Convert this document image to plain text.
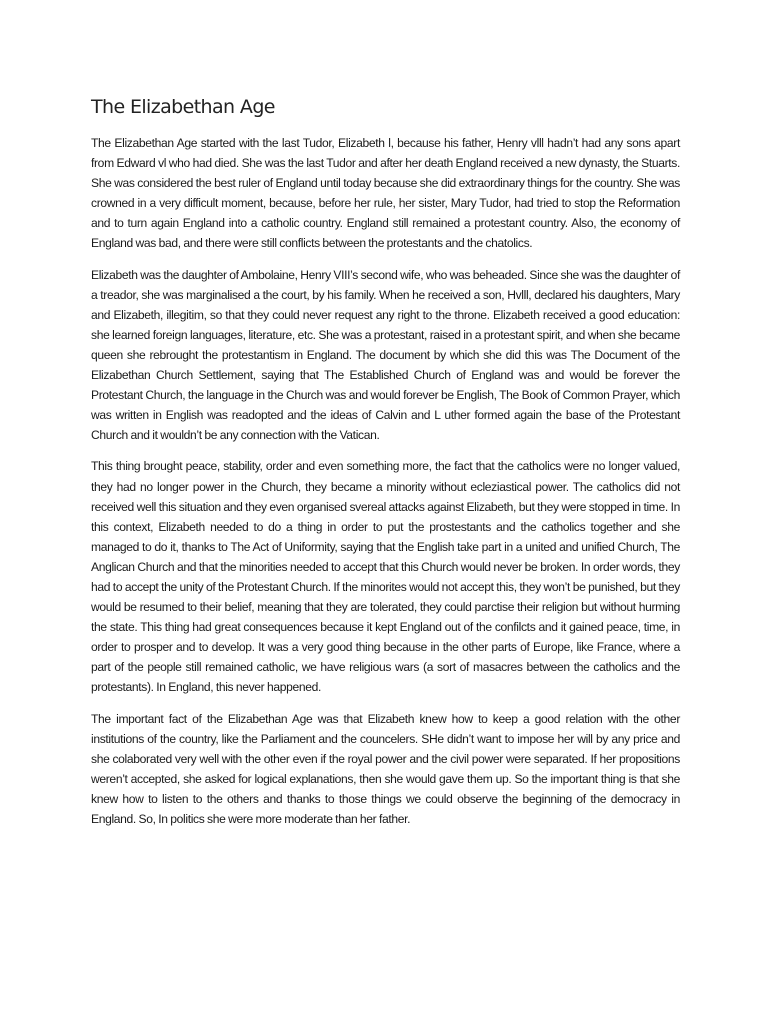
The Elizabethan Age

The Elizabethan Age started with the last Tudor, Elizabeth l, because his father, Henry vlll hadn’t had any sons apart from Edward vl who had died. She was the last Tudor and after her death England received a new dynasty, the Stuarts. She was considered the best ruler of England until today because she did extraordinary things for the country. She was crowned in a very difficult moment, because, before her rule, her sister, Mary Tudor, had tried to stop the Reformation and to turn again England into a catholic country. England still remained a protestant country. Also, the economy of England was bad, and there were still conflicts between the protestants and the chatolics.

Elizabeth was the daughter of Ambolaine, Henry VIII’s second wife, who was beheaded. Since she was the daughter of a treador, she was marginalised a the court, by his family. When he received a son, Hvlll, declared his daughters, Mary and Elizabeth, illegitim, so that they could never request any right to the throne. Elizabeth received a good education: she learned foreign languages, literature, etc. She was a protestant, raised in a protestant spirit, and when she became queen she rebrought the protestantism in England. The document by which she did this was The Document of the Elizabethan Church Settlement, saying that The Established Church of England was and would be forever the Protestant Church, the language in the Church was and would forever be English, The Book of Common Prayer, which was written in English was readopted and the ideas of Calvin and L uther formed again the base of the Protestant Church and it wouldn’t be any connection with the Vatican.

This thing brought peace, stability, order and even something more, the fact that the catholics were no longer valued, they had no longer power in the Church, they became a minority without ecleziastical power. The catholics did not received well this situation and they even organised svereal attacks against Elizabeth, but they were stopped in time. In this context, Elizabeth needed to do a thing in order to put the prostestants and the catholics together and she managed to do it, thanks to The Act of Uniformity, saying that the English take part in a united and unified Church, The Anglican Church and that the minorities needed to accept that this Church would never be broken. In order words, they had to accept the unity of the Protestant Church. If the minorites would not accept this, they won’t be punished, but they would be resumed to their belief, meaning that they are tolerated, they could parctise their religion but without hurming the state. This thing had great consequences because it kept England out of the confilcts and it gained peace, time, in order to prosper and to develop. It was a very good thing because in the other parts of Europe, like France, where a part of the people still remained catholic, we have religious wars (a sort of masacres between the catholics and the protestants). In England, this never happened.

The important fact of the Elizabethan Age was that Elizabeth knew how to keep a good relation with the other institutions of the country, like the Parliament and the councelers. SHe didn’t want to impose her will by any price and she colaborated very well with the other even if the royal power and the civil power were separated. If her propositions weren’t accepted, she asked for logical explanations, then she would gave them up. So the important thing is that she knew how to listen to the others and thanks to those things we could observe the beginning of the democracy in England. So, In politics she were more moderate than her father.
